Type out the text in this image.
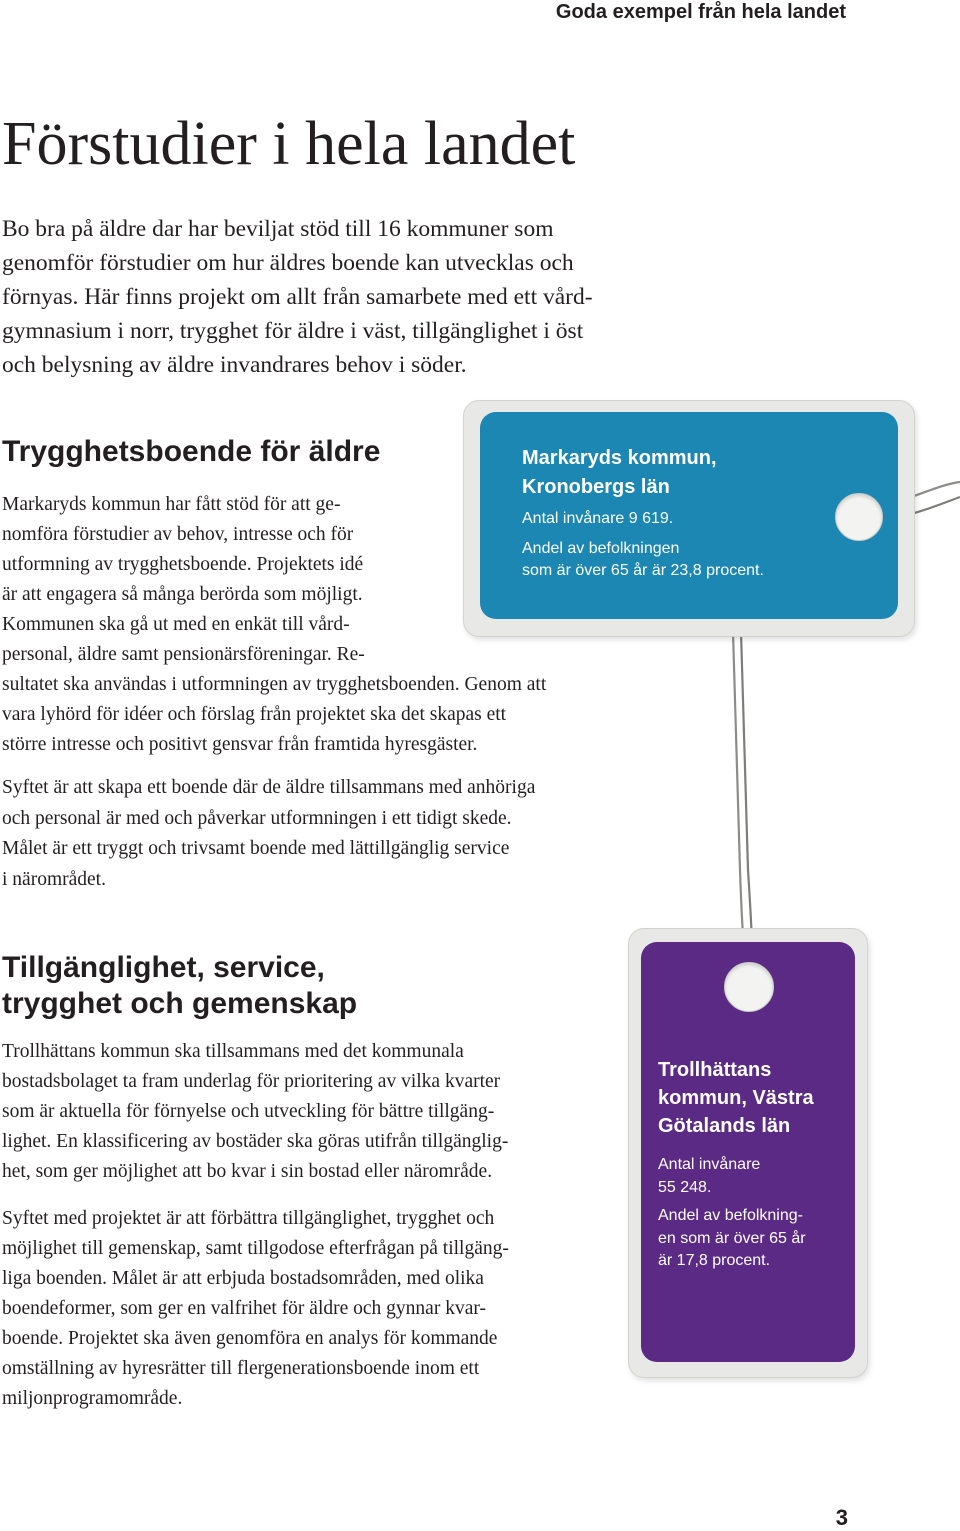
Goda exempel från hela landet
Förstudier i hela landet
Bo bra på äldre dar har beviljat stöd till 16 kommuner som
genomför förstudier om hur äldres boende kan utvecklas och
förnyas. Här finns projekt om allt från samarbete med ett vård-
gymnasium i norr, trygghet för äldre i väst, tillgänglighet i öst
och belysning av äldre invandrares behov i söder.
Trygghetsboende för äldre
Markaryds kommun har fått stöd för att ge-
nomföra förstudier av behov, intresse och för
utformning av trygghetsboende. Projektets idé
är att engagera så många berörda som möjligt.
Kommunen ska gå ut med en enkät till vård-
personal, äldre samt pensionärsföreningar. Re-
sultatet ska användas i utformningen av trygghetsboenden. Genom att
vara lyhörd för idéer och förslag från projektet ska det skapas ett
större intresse och positivt gensvar från framtida hyresgäster.
Syftet är att skapa ett boende där de äldre tillsammans med anhöriga
och personal är med och påverkar utformningen i ett tidigt skede.
Målet är ett tryggt och trivsamt boende med lättillgänglig service
i närområdet.
Markaryds kommun,
Kronobergs län
Antal invånare 9 619.
Andel av befolkningen
som är över 65 år är 23,8 procent.
Tillgänglighet, service,
trygghet och gemenskap
Trollhättans kommun ska tillsammans med det kommunala
bostadsbolaget ta fram underlag för prioritering av vilka kvarter
som är aktuella för förnyelse och utveckling för bättre tillgäng-
lighet. En klassificering av bostäder ska göras utifrån tillgänglig-
het, som ger möjlighet att bo kvar i sin bostad eller närområde.
Syftet med projektet är att förbättra tillgänglighet, trygghet och
möjlighet till gemenskap, samt tillgodose efterfrågan på tillgäng-
liga boenden. Målet är att erbjuda bostadsområden, med olika
boendeformer, som ger en valfrihet för äldre och gynnar kvar-
boende. Projektet ska även genomföra en analys för kommande
omställning av hyresrätter till flergenerationsboende inom ett
miljonprogramområde.
Trollhättans
kommun, Västra
Götalands län
Antal invånare
55 248.
Andel av befolkning-
en som är över 65 år
är 17,8 procent.
3
